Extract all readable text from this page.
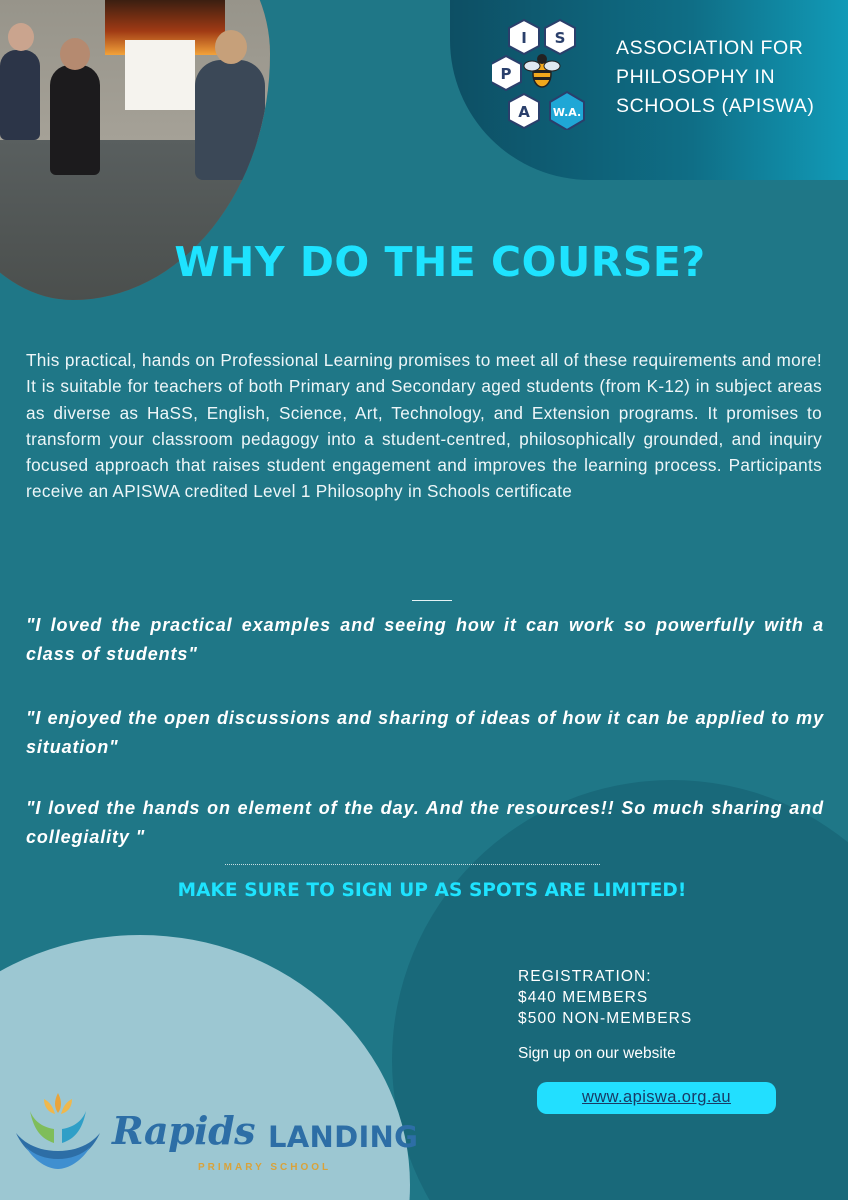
I S
P
A W.A.
ASSOCIATION FOR
PHILOSOPHY IN
SCHOOLS (APISWA)
WHY DO THE COURSE?
This practical, hands on Professional Learning promises to meet all of these requirements and more! It is suitable for teachers of both Primary and Secondary aged students (from K-12) in subject areas as diverse as HaSS, English, Science, Art, Technology, and Extension programs. It promises to transform your classroom pedagogy into a student-centred, philosophically grounded, and inquiry focused approach that raises student engagement and improves the learning process. Participants receive an APISWA credited Level 1 Philosophy in Schools certificate
"I loved the practical examples and seeing how it can work so powerfully with a class of students"
"I enjoyed the open discussions and sharing of ideas of how it can be applied to my situation"
"I loved the hands on element of the day. And the resources!! So much sharing and collegiality "
MAKE SURE TO SIGN UP AS SPOTS ARE LIMITED!
REGISTRATION:
$440 MEMBERS
$500 NON-MEMBERS
Sign up on our website
www.apiswa.org.au
Rapids LANDING
PRIMARY SCHOOL
